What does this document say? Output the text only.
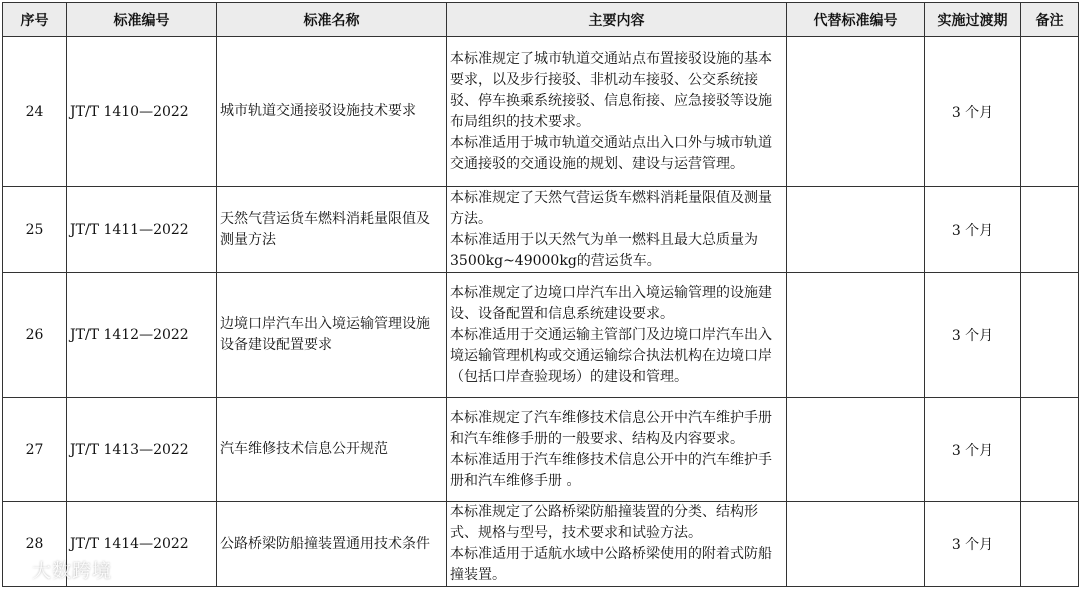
序号	标准编号	标准名称	主要内容	代替标准编号	实施过渡期	备注
24	JT/T 1410—2022	城市轨道交通接驳设施技术要求	本标准规定了城市轨道交通站点布置接驳设施的基本要求，以及步行接驳、非机动车接驳、公交系统接驳、停车换乘系统接驳、信息衔接、应急接驳等设施布局组织的技术要求。

本标准适用于城市轨道交通站点出入口外与城市轨道交通接驳的交通设施的规划、建设与运营管理。		3 个月	
25	JT/T 1411—2022	天然气营运货车燃料消耗量限值及测量方法	本标准规定了天然气营运货车燃料消耗量限值及测量方法。

本标准适用于以天然气为单一燃料且最大总质量为3500kg~49000kg的营运货车。		3 个月	
26	JT/T 1412—2022	边境口岸汽车出入境运输管理设施设备建设配置要求	本标准规定了边境口岸汽车出入境运输管理的设施建设、设备配置和信息系统建设要求。

本标准适用于交通运输主管部门及边境口岸汽车出入境运输管理机构或交通运输综合执法机构在边境口岸（包括口岸查验现场）的建设和管理。		3 个月	
27	JT/T 1413—2022	汽车维修技术信息公开规范	本标准规定了汽车维修技术信息公开中汽车维护手册和汽车维修手册的一般要求、结构及内容要求。

本标准适用于汽车维修技术信息公开中的汽车维护手册和汽车维修手册 。		3 个月	
28	JT/T 1414—2022	公路桥梁防船撞装置通用技术条件	本标准规定了公路桥梁防船撞装置的分类、结构形式、规格与型号，技术要求和试验方法。

本标准适用于适航水域中公路桥梁使用的附着式防船撞装置。		3 个月	
大数跨境
